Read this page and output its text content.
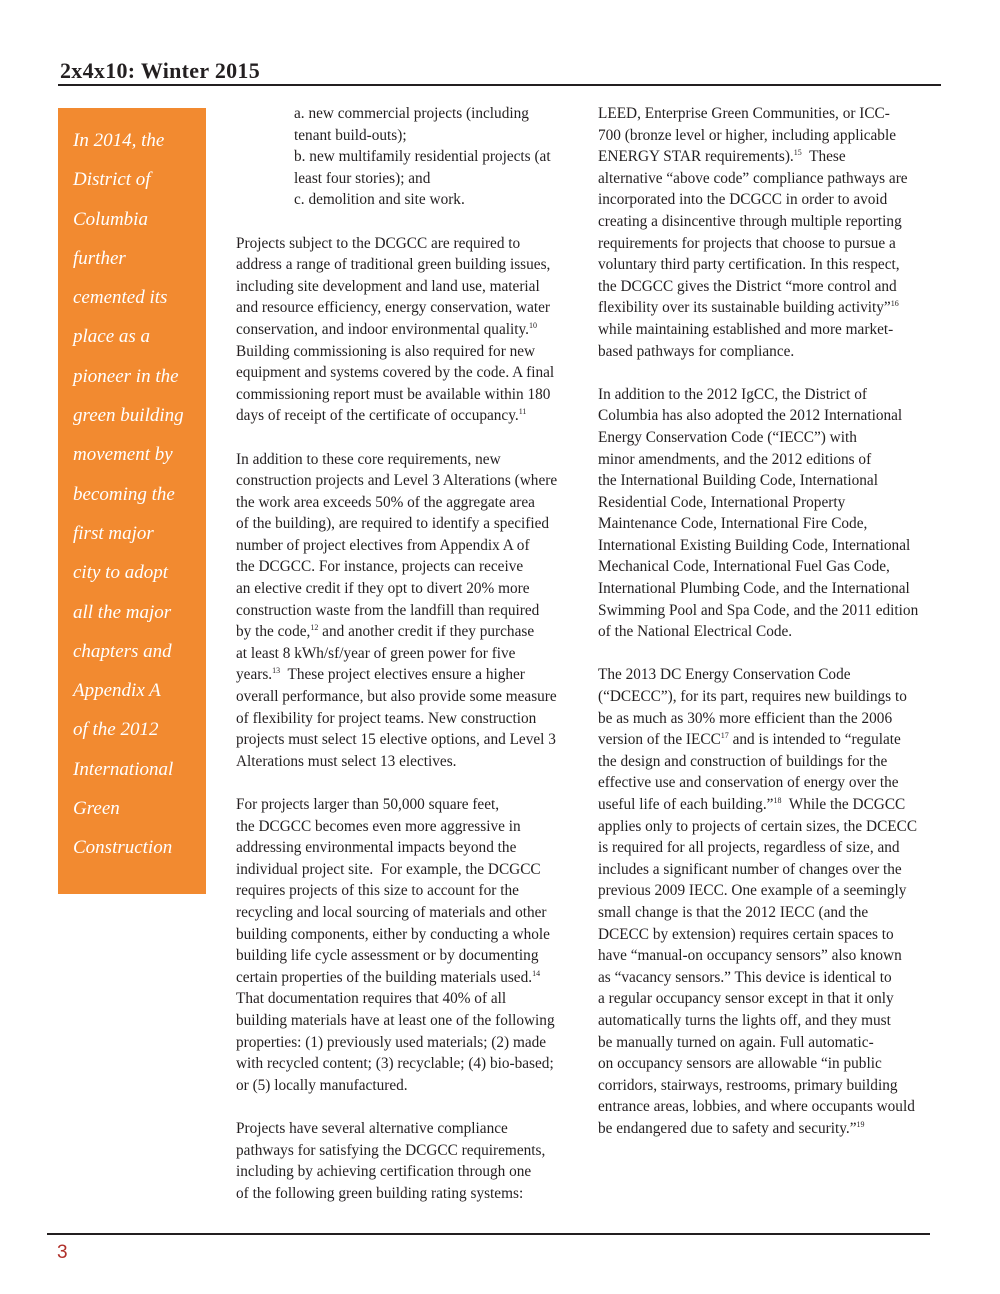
2x4x10: Winter 2015
In 2014, the
District of
Columbia
further
cemented its
place as a
pioneer in the
green building
movement by
becoming the
first major
city to adopt
all the major
chapters and
Appendix A
of the 2012
International
Green
Construction
a. new commercial projects (including
tenant build-outs);
b. new multifamily residential projects (at
least four stories); and
c. demolition and site work.
Projects subject to the DCGCC are required to
address a range of traditional green building issues,
including site development and land use, material
and resource efficiency, energy conservation, water
conservation, and indoor environmental quality.$^{10}$
Building commissioning is also required for new
equipment and systems covered by the code. A final
commissioning report must be available within 180
days of receipt of the certificate of occupancy.$^{11}$
In addition to these core requirements, new
construction projects and Level 3 Alterations (where
the work area exceeds 50% of the aggregate area
of the building), are required to identify a specified
number of project electives from Appendix A of
the DCGCC. For instance, projects can receive
an elective credit if they opt to divert 20% more
construction waste from the landfill than required
by the code,$^{12}$ and another credit if they purchase
at least 8 kWh/sf/year of green power for five
years.$^{13}$  These project electives ensure a higher
overall performance, but also provide some measure
of flexibility for project teams. New construction
projects must select 15 elective options, and Level 3
Alterations must select 13 electives.
For projects larger than 50,000 square feet,
the DCGCC becomes even more aggressive in
addressing environmental impacts beyond the
individual project site.  For example, the DCGCC
requires projects of this size to account for the
recycling and local sourcing of materials and other
building components, either by conducting a whole
building life cycle assessment or by documenting
certain properties of the building materials used.$^{14}$
That documentation requires that 40% of all
building materials have at least one of the following
properties: (1) previously used materials; (2) made
with recycled content; (3) recyclable; (4) bio-based;
or (5) locally manufactured.
Projects have several alternative compliance
pathways for satisfying the DCGCC requirements,
including by achieving certification through one
of the following green building rating systems:
LEED, Enterprise Green Communities, or ICC-
700 (bronze level or higher, including applicable
ENERGY STAR requirements).$^{15}$  These
alternative “above code” compliance pathways are
incorporated into the DCGCC in order to avoid
creating a disincentive through multiple reporting
requirements for projects that choose to pursue a
voluntary third party certification. In this respect,
the DCGCC gives the District “more control and
flexibility over its sustainable building activity”$^{16}$
while maintaining established and more market-
based pathways for compliance.
In addition to the 2012 IgCC, the District of
Columbia has also adopted the 2012 International
Energy Conservation Code (“IECC”) with
minor amendments, and the 2012 editions of
the International Building Code, International
Residential Code, International Property
Maintenance Code, International Fire Code,
International Existing Building Code, International
Mechanical Code, International Fuel Gas Code,
International Plumbing Code, and the International
Swimming Pool and Spa Code, and the 2011 edition
of the National Electrical Code.
The 2013 DC Energy Conservation Code
(“DCECC”), for its part, requires new buildings to
be as much as 30% more efficient than the 2006
version of the IECC$^{17}$ and is intended to “regulate
the design and construction of buildings for the
effective use and conservation of energy over the
useful life of each building.”$^{18}$  While the DCGCC
applies only to projects of certain sizes, the DCECC
is required for all projects, regardless of size, and
includes a significant number of changes over the
previous 2009 IECC. One example of a seemingly
small change is that the 2012 IECC (and the
DCECC by extension) requires certain spaces to
have “manual-on occupancy sensors” also known
as “vacancy sensors.” This device is identical to
a regular occupancy sensor except in that it only
automatically turns the lights off, and they must
be manually turned on again. Full automatic-
on occupancy sensors are allowable “in public
corridors, stairways, restrooms, primary building
entrance areas, lobbies, and where occupants would
be endangered due to safety and security.”$^{19}$
3
